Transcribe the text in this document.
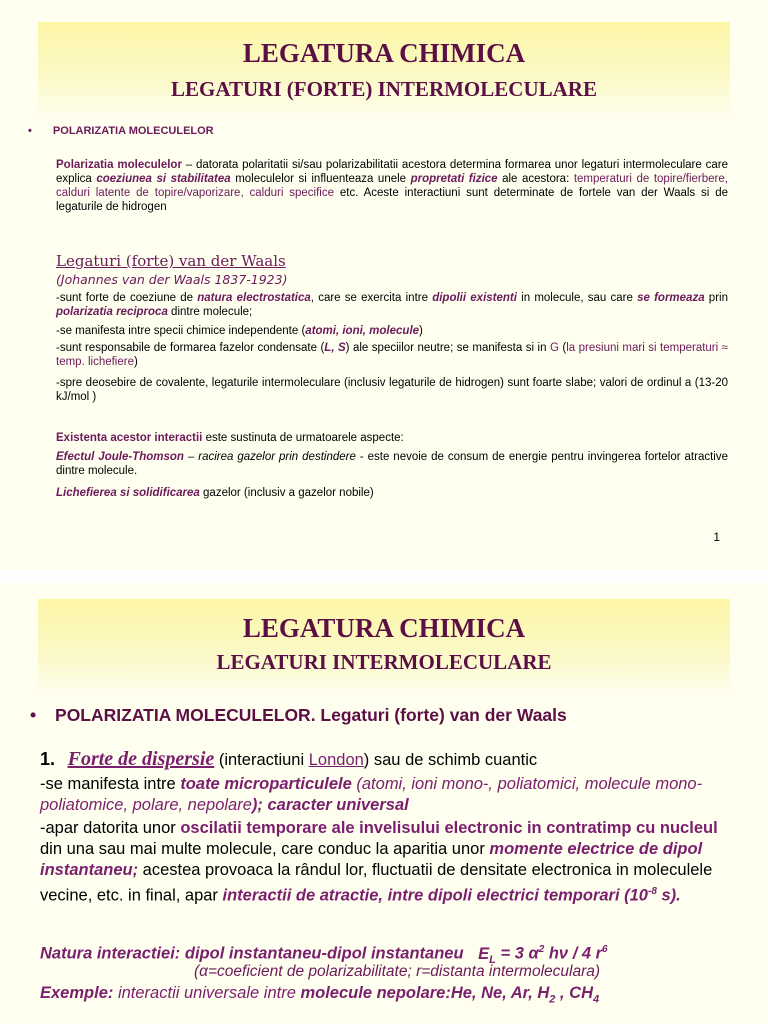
LEGATURA CHIMICA
LEGATURI (FORTE) INTERMOLECULARE
• POLARIZATIA MOLECULELOR
Polarizatia moleculelor – datorata polaritatii si/sau polarizabilitatii acestora determina formarea unor legaturi intermoleculare care explica coeziunea si stabilitatea moleculelor si influenteaza unele propretati fizice ale acestora: temperaturi de topire/fierbere, calduri latente de topire/vaporizare, calduri specifice etc. Aceste interactiuni sunt determinate de fortele van der Waals si de legaturile de hidrogen
Legaturi (forte) van der Waals
(Johannes van der Waals 1837-1923)
-sunt forte de coeziune de natura electrostatica, care se exercita intre dipolii existenti in molecule, sau care se formeaza prin polarizatia reciproca dintre molecule;
-se manifesta intre specii chimice independente (atomi, ioni, molecule)
-sunt responsabile de formarea fazelor condensate (L, S) ale speciilor neutre; se manifesta si in G (la presiuni mari si temperaturi ≈ temp. lichefiere)
-spre deosebire de covalente, legaturile intermoleculare (inclusiv legaturile de hidrogen) sunt foarte slabe; valori de ordinul a (13-20 kJ/mol )
Existenta acestor interactii este sustinuta de urmatoarele aspecte:
Efectul Joule-Thomson – racirea gazelor prin destindere - este nevoie de consum de energie pentru invingerea fortelor atractive dintre molecule.
Lichefierea si solidificarea gazelor (inclusiv a gazelor nobile)
1
LEGATURA CHIMICA
LEGATURI INTERMOLECULARE
• POLARIZATIA MOLECULELOR. Legaturi (forte) van der Waals
1. Forte de dispersie (interactiuni London) sau de schimb cuantic
-se manifesta intre toate microparticulele (atomi, ioni mono-, poliatomici, molecule mono- poliatomice, polare, nepolare); caracter universal
-apar datorita unor oscilatii temporare ale invelisului electronic in contratimp cu nucleul din una sau mai multe molecule, care conduc la aparitia unor momente electrice de dipol instantaneu; acestea provoaca la rândul lor, fluctuatii de densitate electronica in moleculele vecine, etc. in final, apar interactii de atractie, intre dipoli electrici temporari ($10^{-8}$ s).
Natura interactiei: dipol instantaneu-dipol instantaneu $E_L = 3$ $\alpha^2$ hν / 4 $r^6$
(α=coeficient de polarizabilitate; r=distanta intermoleculara)
Exemple: interactii universale intre molecule nepolare:He, Ne, Ar, $H_2$ , $CH_4$
